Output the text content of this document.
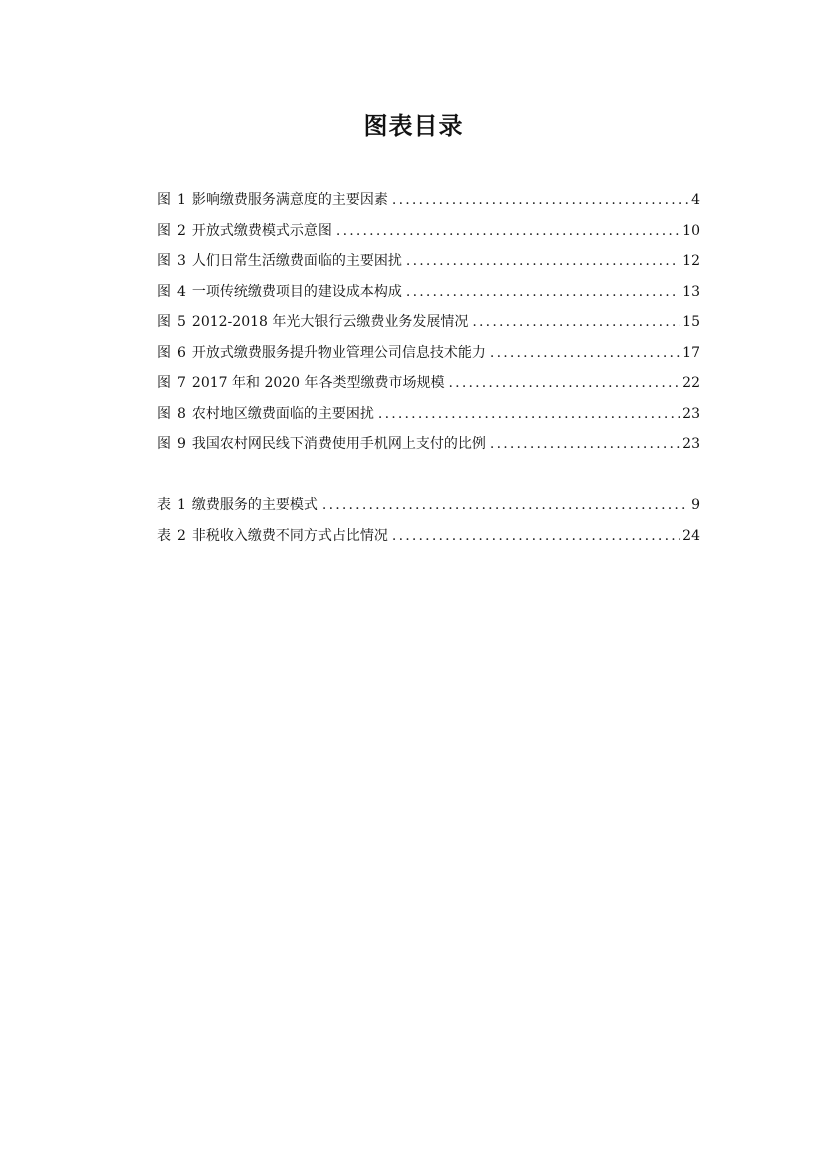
图表目录
图 1 影响缴费服务满意度的主要因素 .....	4
图 2 开放式缴费模式示意图 .....	10
图 3 人们日常生活缴费面临的主要困扰 .....	12
图 4 一项传统缴费项目的建设成本构成 .....	13
图 5 2012-2018 年光大银行云缴费业务发展情况 .....	15
图 6 开放式缴费服务提升物业管理公司信息技术能力 .....	17
图 7 2017 年和 2020 年各类型缴费市场规模 .....	22
图 8 农村地区缴费面临的主要困扰 .....	23
图 9 我国农村网民线下消费使用手机网上支付的比例 .....	23
表 1 缴费服务的主要模式 .....	9
表 2 非税收入缴费不同方式占比情况 .....	24
